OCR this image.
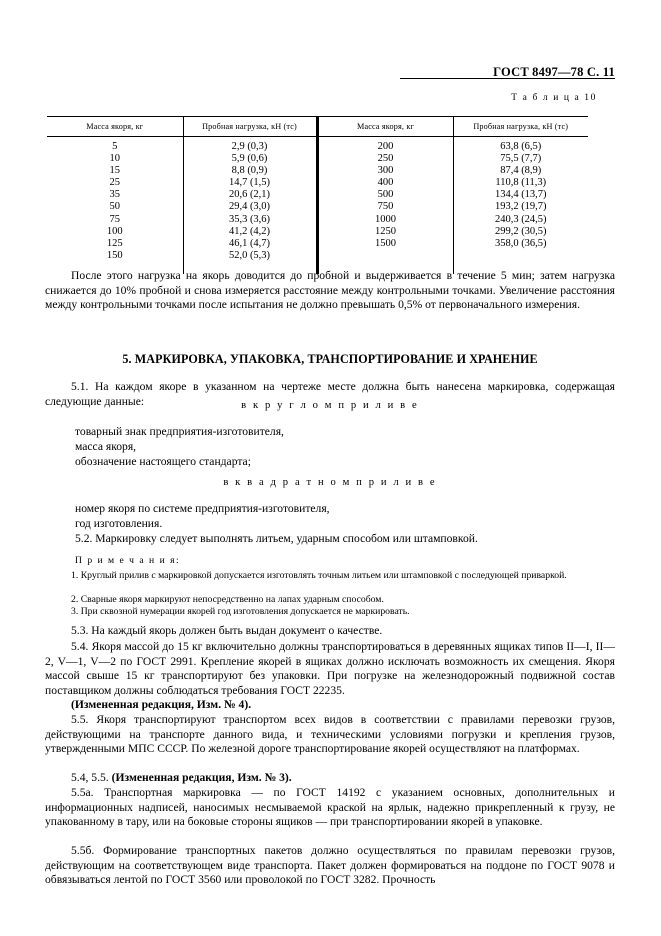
ГОСТ 8497—78 С. 11
Т а б л и ц а 10
Масса якоря, кг	Пробная нагрузка, кН (тс)	Масса якоря, кг	Пробная нагрузка, кН (тс)
5	2,9 (0,3)	200	63,8 (6,5)
10	5,9 (0,6)	250	75,5 (7,7)
15	8,8 (0,9)	300	87,4 (8,9)
25	14,7 (1,5)	400	110,8 (11,3)
35	20,6 (2,1)	500	134,4 (13,7)
50	29,4 (3,0)	750	193,2 (19,7)
75	35,3 (3,6)	1000	240,3 (24,5)
100	41,2 (4,2)	1250	299,2 (30,5)
125	46,1 (4,7)	1500	358,0 (36,5)
150	52,0 (5,3)		

После этого нагрузка на якорь доводится до пробной и выдерживается в течение 5 мин; затем нагрузка снижается до 10% пробной и снова измеряется расстояние между контрольными точками. Увеличение расстояния между контрольными точками после испытания не должно превышать 0,5% от первоначального измерения.
5. МАРКИРОВКА, УПАКОВКА, ТРАНСПОРТИРОВАНИЕ И ХРАНЕНИЕ
5.1. На каждом якоре в указанном на чертеже месте должна быть нанесена маркировка, содержащая следующие данные:	в к р у г л о м п р и л и в е
товарный знак предприятия-изготовителя,
масса якоря,
обозначение настоящего стандарта;
в к в а д р а т н о м п р и л и в е
номер якоря по системе предприятия-изготовителя,
год изготовления.
5.2. Маркировку следует выполнять литьем, ударным способом или штамповкой.
П р и м е ч а н и я:
1. Круглый прилив с маркировкой допускается изготовлять точным литьем или штамповкой с последующей приваркой.
2. Сварные якоря маркируют непосредственно на лапах ударным способом.
3. При сквозной нумерации якорей год изготовления допускается не маркировать.
5.3. На каждый якорь должен быть выдан документ о качестве.
5.4. Якоря массой до 15 кг включительно должны транспортироваться в деревянных ящиках типов II—I, II—2, V—1, V—2 по ГОСТ 2991. Крепление якорей в ящиках должно исключать возможность их смещения. Якоря массой свыше 15 кг транспортируют без упаковки. При погрузке на железнодорожный подвижной состав поставщиком должны соблюдаться требования ГОСТ 22235.
(Измененная редакция, Изм. № 4).
5.5. Якоря транспортируют транспортом всех видов в соответствии с правилами перевозки грузов, действующими на транспорте данного вида, и техническими условиями погрузки и крепления грузов, утвержденными МПС СССР. По железной дороге транспортирование якорей осуществляют на платформах.
5.4, 5.5. (Измененная редакция, Изм. № 3).
5.5а. Транспортная маркировка — по ГОСТ 14192 с указанием основных, дополнительных и информационных надписей, наносимых несмываемой краской на ярлык, надежно прикрепленный к грузу, не упакованному в тару, или на боковые стороны ящиков — при транспортировании якорей в упаковке.
5.5б. Формирование транспортных пакетов должно осуществляться по правилам перевозки грузов, действующим на соответствующем виде транспорта. Пакет должен формироваться на поддоне по ГОСТ 9078 и обвязываться лентой по ГОСТ 3560 или проволокой по ГОСТ 3282. Прочность
